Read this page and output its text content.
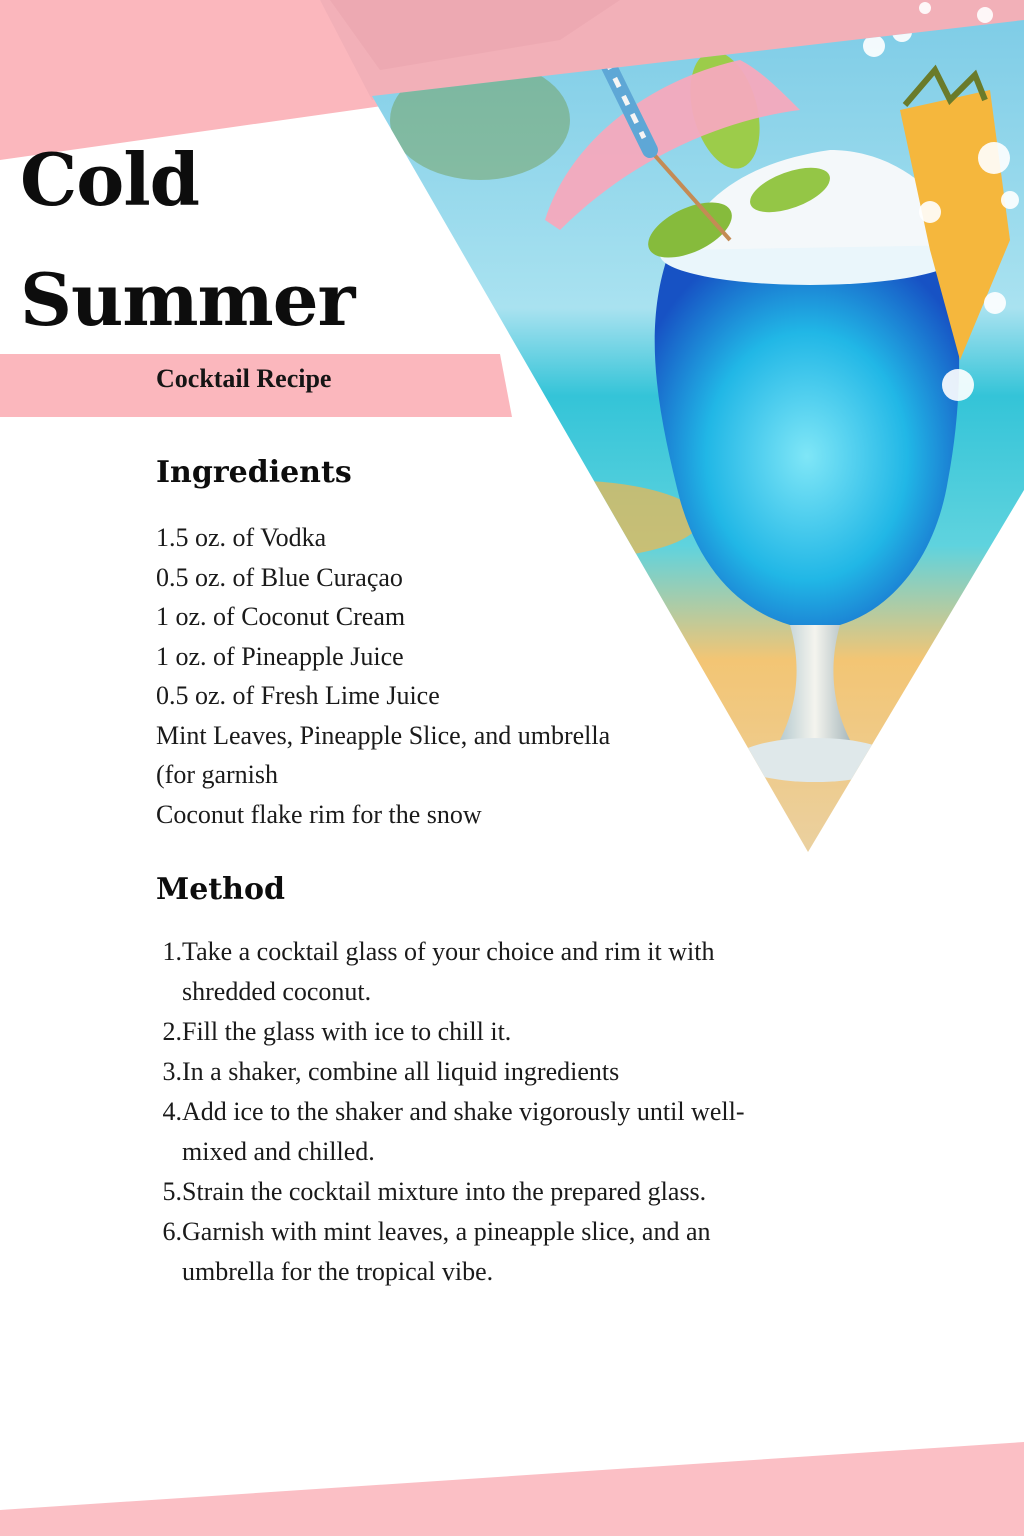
Cold
Summer
Cocktail Recipe
Ingredients
1.5 oz. of Vodka
0.5 oz. of Blue Curaçao
1 oz. of Coconut Cream
1 oz. of Pineapple Juice
0.5 oz. of Fresh Lime Juice
Mint Leaves, Pineapple Slice, and umbrella
(for garnish
Coconut flake rim for the snow
Method
1. Take a cocktail glass of your choice and rim it with shredded coconut.
2. Fill the glass with ice to chill it.
3. In a shaker, combine all liquid ingredients
4. Add ice to the shaker and shake vigorously until well-mixed and chilled.
5. Strain the cocktail mixture into the prepared glass.
6. Garnish with mint leaves, a pineapple slice, and an umbrella for the tropical vibe.
